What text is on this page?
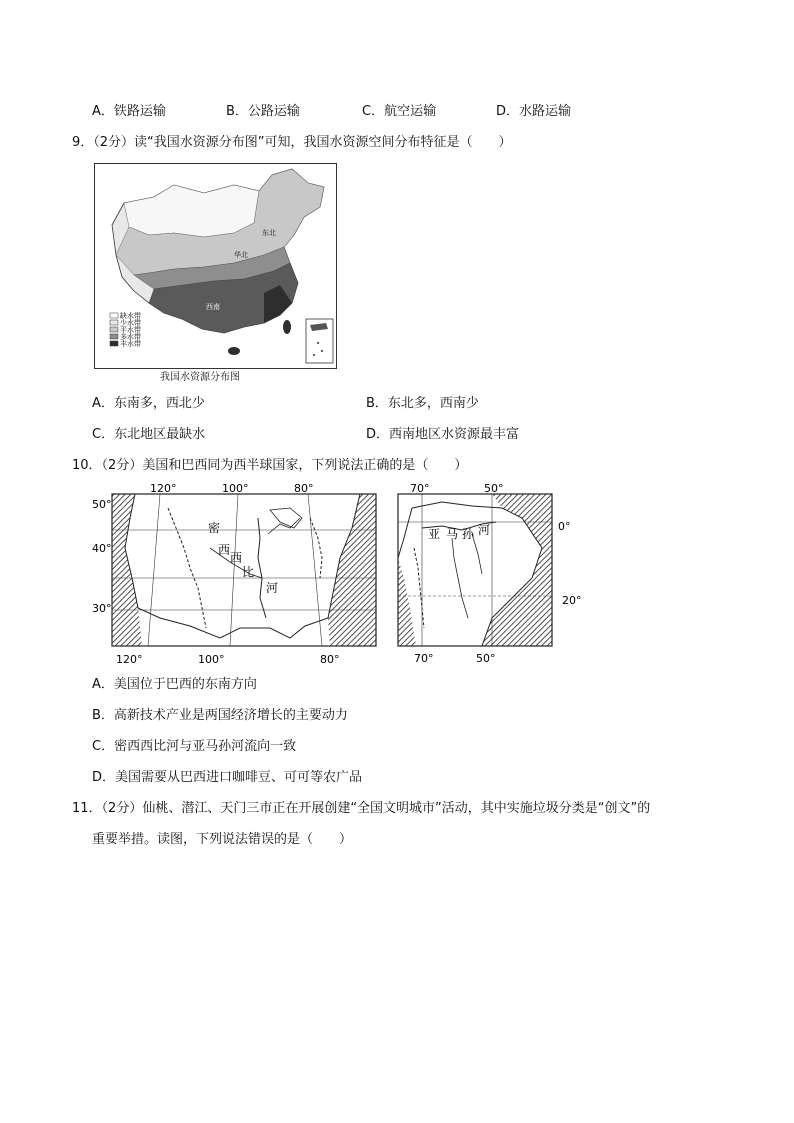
A．铁路运输	B．公路运输	C．航空运输	D．水路运输
9．（2分）读“我国水资源分布图”可知，我国水资源空间分布特征是（　　）
东北
华北
西南
缺水带
少水带
平水带
多水带
丰水带
我国水资源分布图
A．东南多，西北少	B．东北多，西南少
C．东北地区最缺水	D．西南地区水资源最丰富
10．（2分）美国和巴西同为西半球国家，下列说法正确的是（　　）
120°	100°	80°
120°	100°	80°
50°
40°
30°
密
西
西
比
河
70°	50°
70°	50°
0°
20°
亚 马 孙 河
A．美国位于巴西的东南方向
B．高新技术产业是两国经济增长的主要动力
C．密西西比河与亚马孙河流向一致
D．美国需要从巴西进口咖啡豆、可可等农广品
11．（2分）仙桃、潜江、天门三市正在开展创建“全国文明城市”活动，其中实施垃圾分类是“创文”的
重要举措。读图，下列说法错误的是（　　）
